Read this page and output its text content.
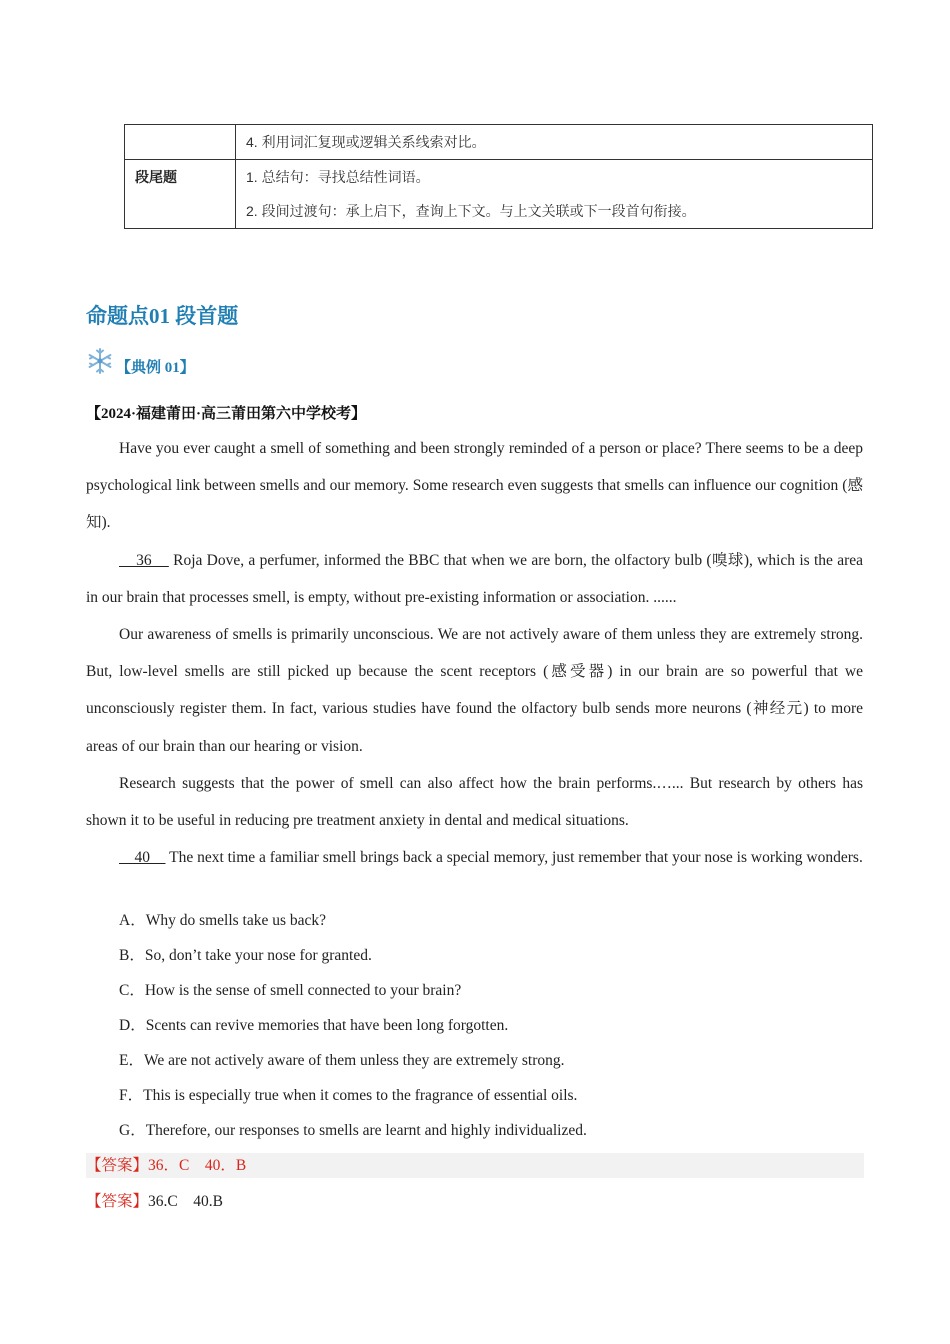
	4. 利用词汇复现或逻辑关系线索对比。

段尾题	1. 总结句：寻找总结性词语。
2. 段间过渡句：承上启下，查询上下文。与上文关联或下一段首句衔接。
命题点01 段首题
【典例 01】
【2024·福建莆田·高三莆田第六中学校考】

Have you ever caught a smell of something and been strongly reminded of a person or place? There seems to be a deep psychological link between smells and our memory. Some research even suggests that smells can influence our cognition (感知).

36     Roja Dove, a perfumer, informed the BBC that when we are born, the olfactory bulb (嗅球), which is the area in our brain that processes smell, is empty, without pre-existing information or association. ......

Our awareness of smells is primarily unconscious. We are not actively aware of them unless they are extremely strong. But, low-level smells are still picked up because the scent receptors (感受器) in our brain are so powerful that we unconsciously register them. In fact, various studies have found the olfactory bulb sends more neurons (神经元) to more areas of our brain than our hearing or vision.

Research suggests that the power of smell can also affect how the brain performs.…... But research by others has shown it to be useful in reducing pre treatment anxiety in dental and medical situations.

40     The next time a familiar smell brings back a special memory, just remember that your nose is working wonders.

A．Why do smells take us back?
B．So, don’t take your nose for granted.
C．How is the sense of smell connected to your brain?
D．Scents can revive memories that have been long forgotten.
E．We are not actively aware of them unless they are extremely strong.
F．This is especially true when it comes to the fragrance of essential oils.
G．Therefore, our responses to smells are learnt and highly individualized.
【答案】36．C    40．B
【答案】36.C    40.B
